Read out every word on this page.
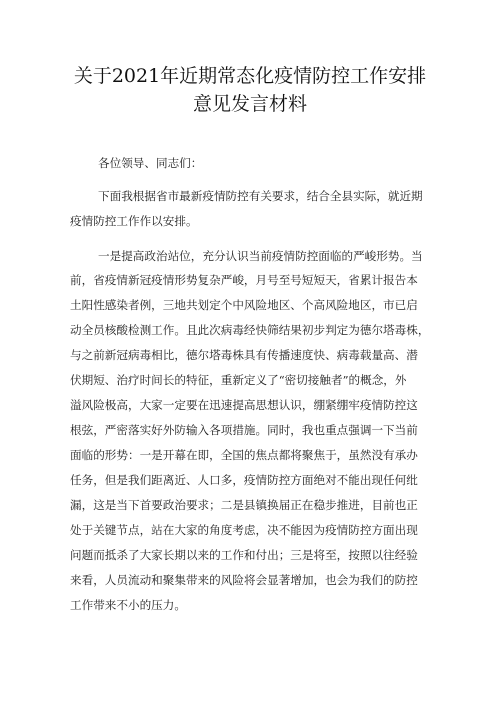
关于2021年近期常态化疫情防控工作安排
意见发言材料
各位领导、同志们：
下面我根据省市最新疫情防控有关要求，结合全县实际，就近期
疫情防控工作作以安排。
一是提高政治站位，充分认识当前疫情防控面临的严峻形势。当
前，省疫情新冠疫情形势复杂严峻，月号至号短短天，省累计报告本
土阳性感染者例，三地共划定个中风险地区、个高风险地区，市已启
动全员核酸检测工作。且此次病毒经快筛结果初步判定为德尔塔毒株，
与之前新冠病毒相比，德尔塔毒株具有传播速度快、病毒载量高、潜
伏期短、治疗时间长的特征，重新定义了“密切接触者”的概念，外
溢风险极高，大家一定要在迅速提高思想认识，绷紧绷牢疫情防控这
根弦，严密落实好外防输入各项措施。同时，我也重点强调一下当前
面临的形势：一是开幕在即，全国的焦点都将聚焦于，虽然没有承办
任务，但是我们距离近、人口多，疫情防控方面绝对不能出现任何纰
漏，这是当下首要政治要求；二是县镇换届正在稳步推进，目前也正
处于关键节点，站在大家的角度考虑，决不能因为疫情防控方面出现
问题而抵杀了大家长期以来的工作和付出；三是将至，按照以往经验
来看，人员流动和聚集带来的风险将会显著增加，也会为我们的防控
工作带来不小的压力。
